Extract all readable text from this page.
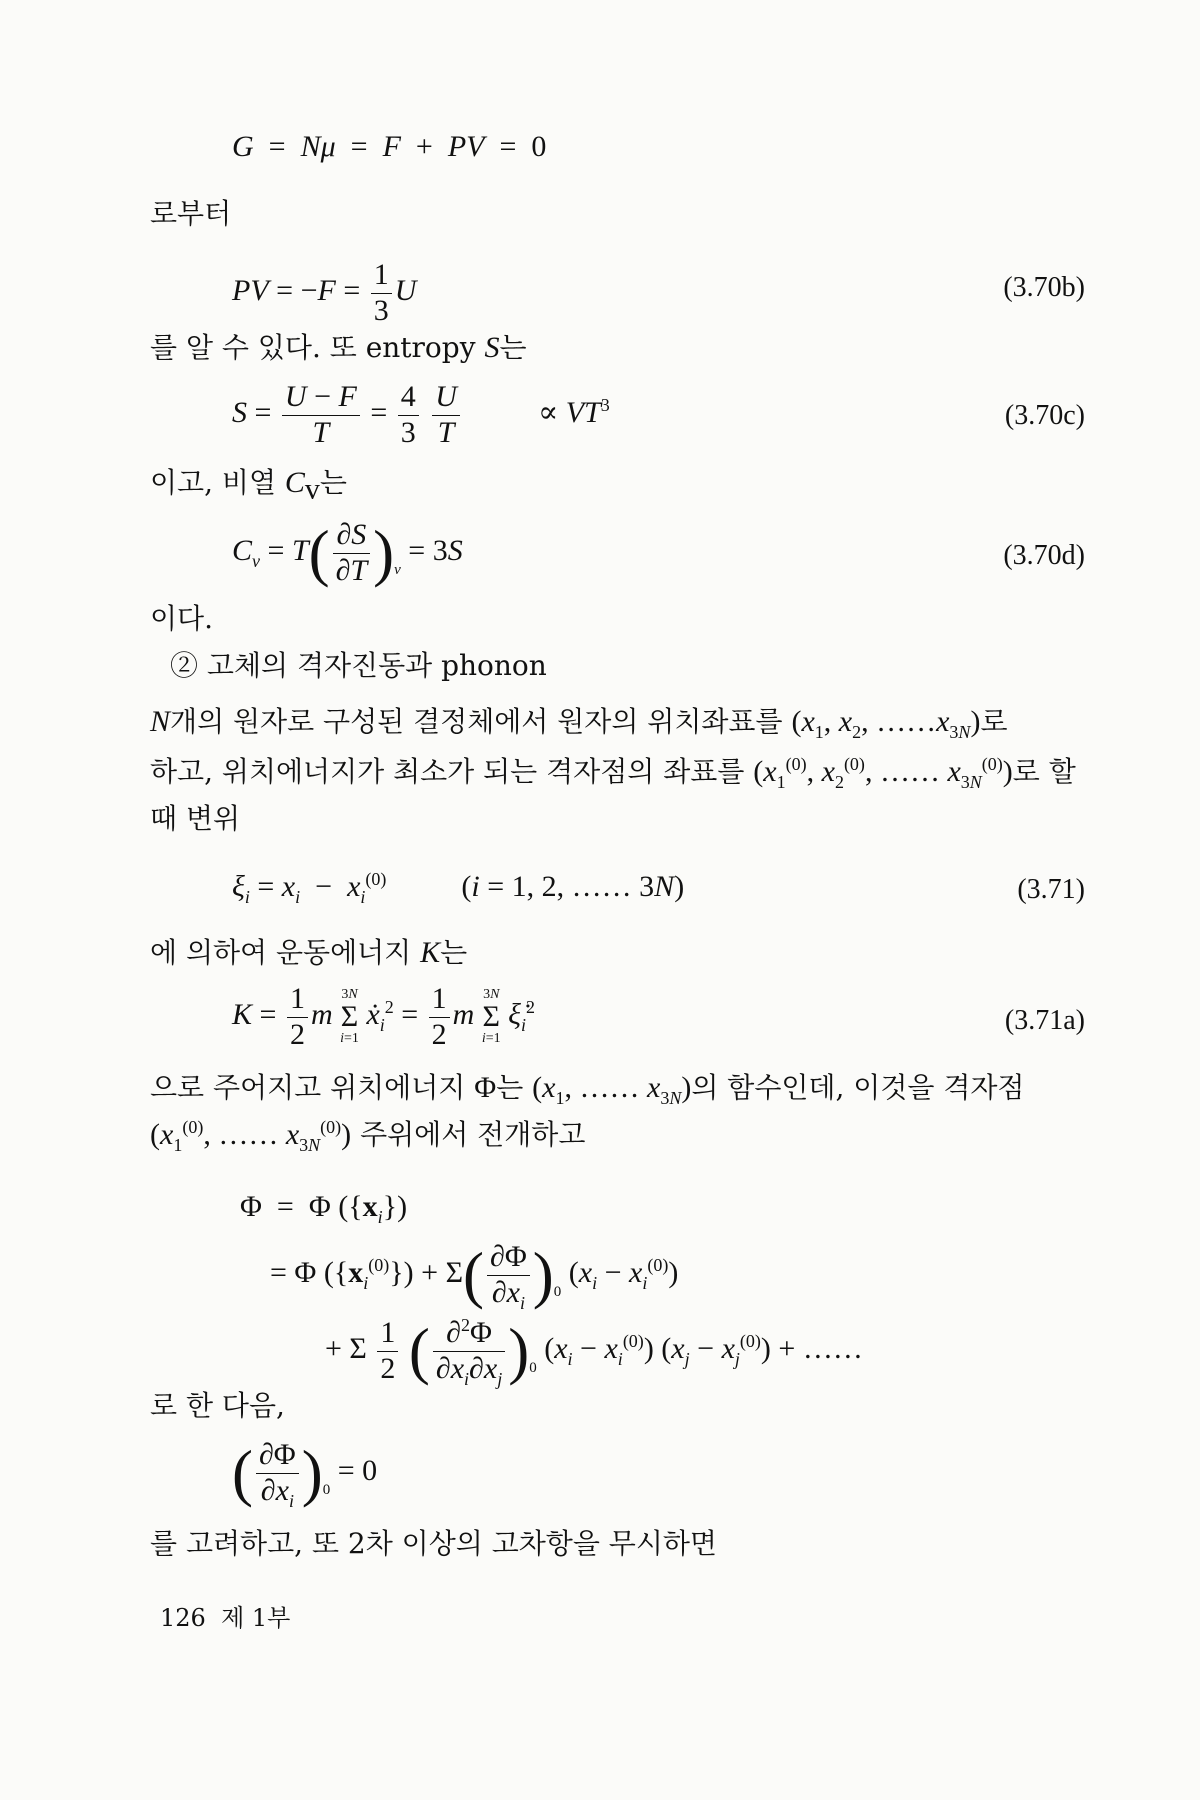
G  =  Nμ  =  F  +  PV  =  0
로부터
PV = $-F = \frac{1}{3}$ U	(3.70b)
를 알 수 있다. 또 entropy S는
$S = \frac{U - F}{T} = \frac{4}{3}$
$\frac{U}{T} \propto VT^3$	(3.70c)
이고, 비열 $C_v$는
$C_v = T( \frac{\partial S}{\partial T} )_v = 3S$	(3.70d)
이다.
② 고체의 격자진동과 phonon
N개의 원자로 구성된 결정체에서 원자의 위치좌표를 ($x_1$, $x_2$, $\dots\dots x_{3N}$)로
하고, 위치에너지가 최소가 되는 격자점의 좌표를 ($x_1^{(0)}$, $x_2^{(0)}$, …… $x_{3N}^{(0)}$)로 할
때 변위
$\xi_i = x_i - x_i^{(0)}$  (i = 1, 2, …… 3N)	(3.71)
에 의하여 운동에너지 K는
$K = \frac{1}{2}$ m
3N
Σ
i=1
ẋ$_i^2$ = $\frac{1}{2}$ m
3N
Σ
i=1
$\xi̇_i^2$	(3.71a)
으로 주어지고 위치에너지 Φ는 ($x_1$, …… $x_{3N}$)의 함수인데, 이것을 격자점
($x_1^{(0)}$, …… $x_{3N}^{(0)}$) 주위에서 전개하고
Φ  =  Φ $(\{x_i\})$
= Φ $(\{x_i^{(0)}\}) + \Sigma( \frac{\partial\Phi}{\partial x_i} )_0$ $(x_i - x_i^{(0)})$
+ Σ $\frac{1}{2}$ ( $\frac{\partial^2\Phi}{\partial x_i\partial x_j} )_0$ $(x_i - x_i^{(0)}) (x_j - x_j^{(0)})$ + ……
로 한 다음,
( $\frac{\partial\Phi}{\partial x_i} )_0 = 0$
를 고려하고, 또 2차 이상의 고차항을 무시하면
126 제 1부
